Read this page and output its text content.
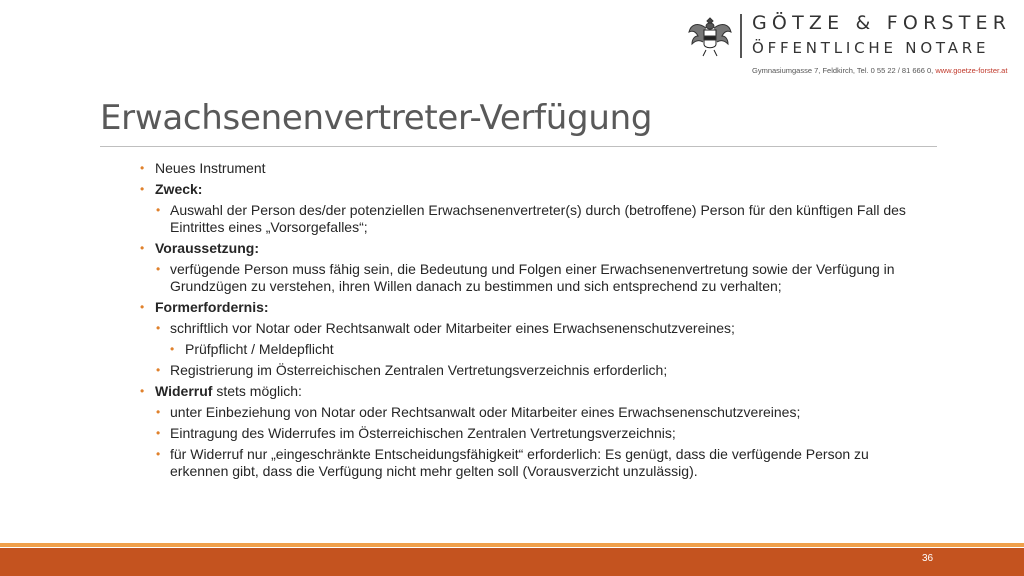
GÖTZE & FORSTER
ÖFFENTLICHE NOTARE
Gymnasiumgasse 7, Feldkirch, Tel. 0 55 22 / 81 666 0, www.goetze-forster.at
Erwachsenenvertreter-Verfügung
• Neues Instrument
• Zweck:
• Auswahl der Person des/der potenziellen Erwachsenenvertreter(s) durch (betroffene) Person für den künftigen Fall des Eintrittes eines „Vorsorgefalles“;
• Voraussetzung:
• verfügende Person muss fähig sein, die Bedeutung und Folgen einer Erwachsenenvertretung sowie der Verfügung in Grundzügen zu verstehen, ihren Willen danach zu bestimmen und sich entsprechend zu verhalten;
• Formerfordernis:
• schriftlich vor Notar oder Rechtsanwalt oder Mitarbeiter eines Erwachsenenschutzvereines;
• Prüfpflicht / Meldepflicht
• Registrierung im Österreichischen Zentralen Vertretungsverzeichnis erforderlich;
• Widerruf stets möglich:
• unter Einbeziehung von Notar oder Rechtsanwalt oder Mitarbeiter eines Erwachsenenschutzvereines;
• Eintragung des Widerrufes im Österreichischen Zentralen Vertretungsverzeichnis;
• für Widerruf nur „eingeschränkte Entscheidungsfähigkeit“ erforderlich: Es genügt, dass die verfügende Person zu erkennen gibt, dass die Verfügung nicht mehr gelten soll (Vorausverzicht unzulässig).
36
